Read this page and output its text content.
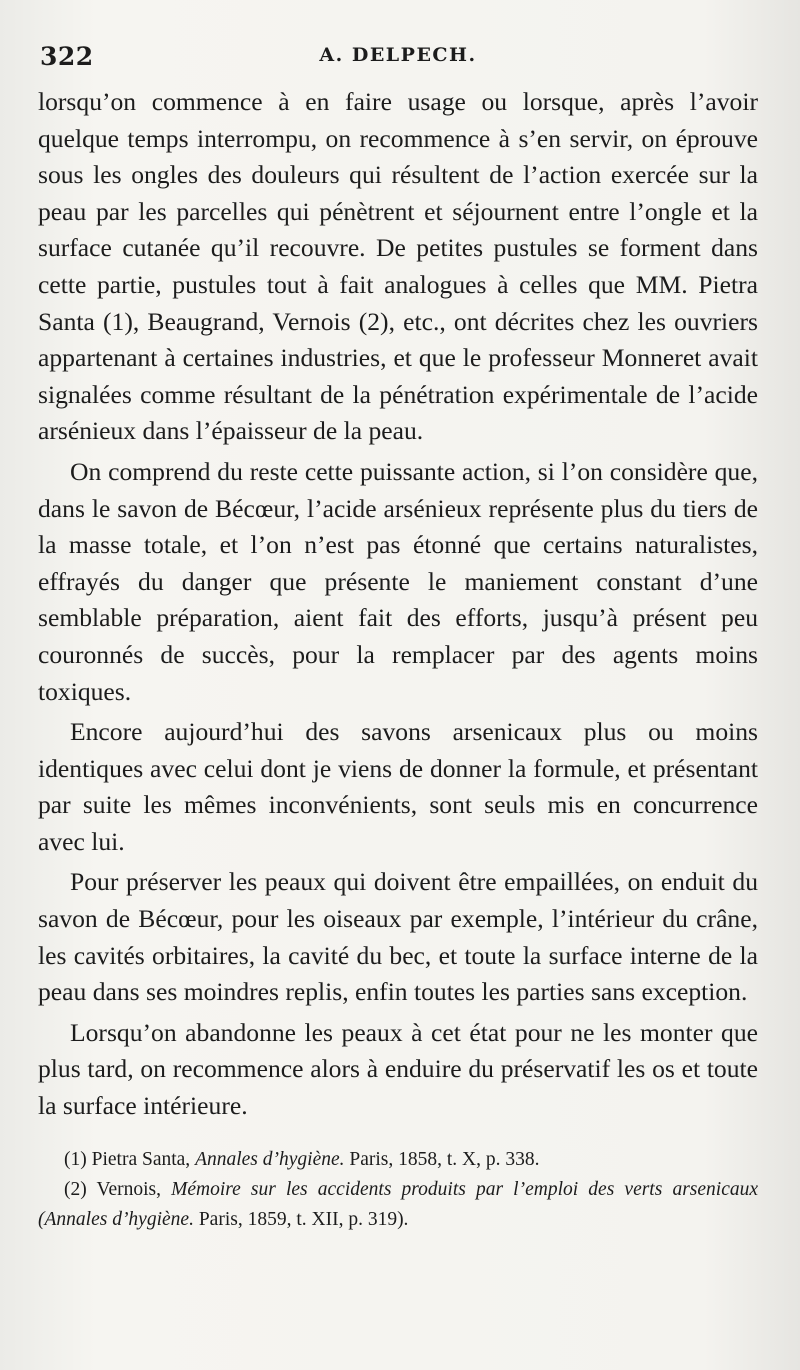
322	A. DELPECH.

lorsqu’on commence à en faire usage ou lorsque, après l’avoir quelque temps interrompu, on recommence à s’en servir, on éprouve sous les ongles des douleurs qui résultent de l’action exercée sur la peau par les parcelles qui pénètrent et séjournent entre l’ongle et la surface cutanée qu’il recouvre. De petites pustules se forment dans cette partie, pustules tout à fait analogues à celles que MM. Pietra Santa (1), Beaugrand, Vernois (2), etc., ont décrites chez les ouvriers appartenant à certaines industries, et que le professeur Monneret avait signalées comme résultant de la pénétration expérimentale de l’acide arsénieux dans l’épaisseur de la peau.

On comprend du reste cette puissante action, si l’on considère que, dans le savon de Bécœur, l’acide arsénieux représente plus du tiers de la masse totale, et l’on n’est pas étonné que certains naturalistes, effrayés du danger que présente le maniement constant d’une semblable préparation, aient fait des efforts, jusqu’à présent peu couronnés de succès, pour la remplacer par des agents moins toxiques.

Encore aujourd’hui des savons arsenicaux plus ou moins identiques avec celui dont je viens de donner la formule, et présentant par suite les mêmes inconvénients, sont seuls mis en concurrence avec lui.

Pour préserver les peaux qui doivent être empaillées, on enduit du savon de Bécœur, pour les oiseaux par exemple, l’intérieur du crâne, les cavités orbitaires, la cavité du bec, et toute la surface interne de la peau dans ses moindres replis, enfin toutes les parties sans exception.

Lorsqu’on abandonne les peaux à cet état pour ne les monter que plus tard, on recommence alors à enduire du préservatif les os et toute la surface intérieure.

(1) Pietra Santa, Annales d’hygiène. Paris, 1858, t. X, p. 338.

(2) Vernois, Mémoire sur les accidents produits par l’emploi des verts arsenicaux (Annales d’hygiène. Paris, 1859, t. XII, p. 319).
